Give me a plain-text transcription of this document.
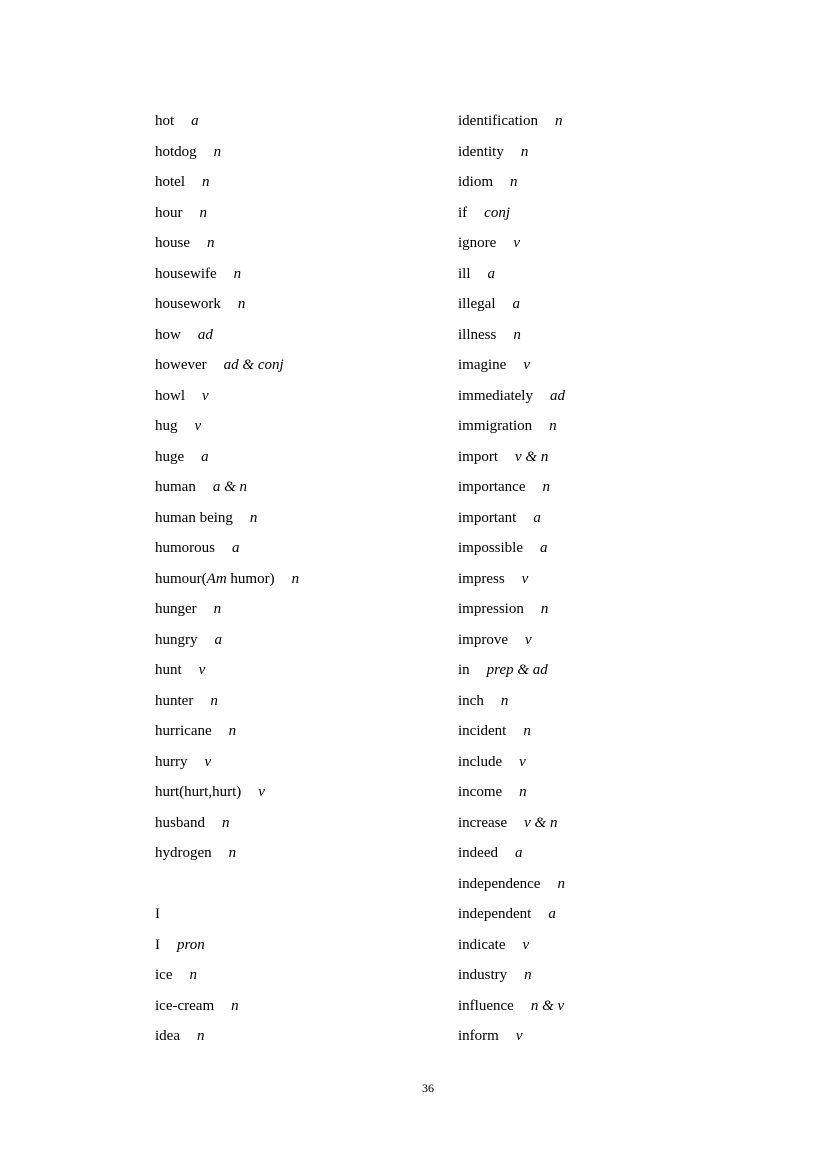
hot a
hotdog n
hotel n
hour n
house n
housewife n
housework n
how ad
however ad & conj
howl v
hug v
huge a
human a & n
human being n
humorous a
humour(Am humor) n
hunger n
hungry a
hunt v
hunter n
hurricane n
hurry v
hurt(hurt,hurt) v
husband n
hydrogen n
I
I pron
ice n
ice-cream n
idea n
identification n
identity n
idiom n
if conj
ignore v
ill a
illegal a
illness n
imagine v
immediately ad
immigration n
import v & n
importance n
important a
impossible a
impress v
impression n
improve v
in prep & ad
inch n
incident n
include v
income n
increase v & n
indeed a
independence n
independent a
indicate v
industry n
influence n & v
inform v
36
